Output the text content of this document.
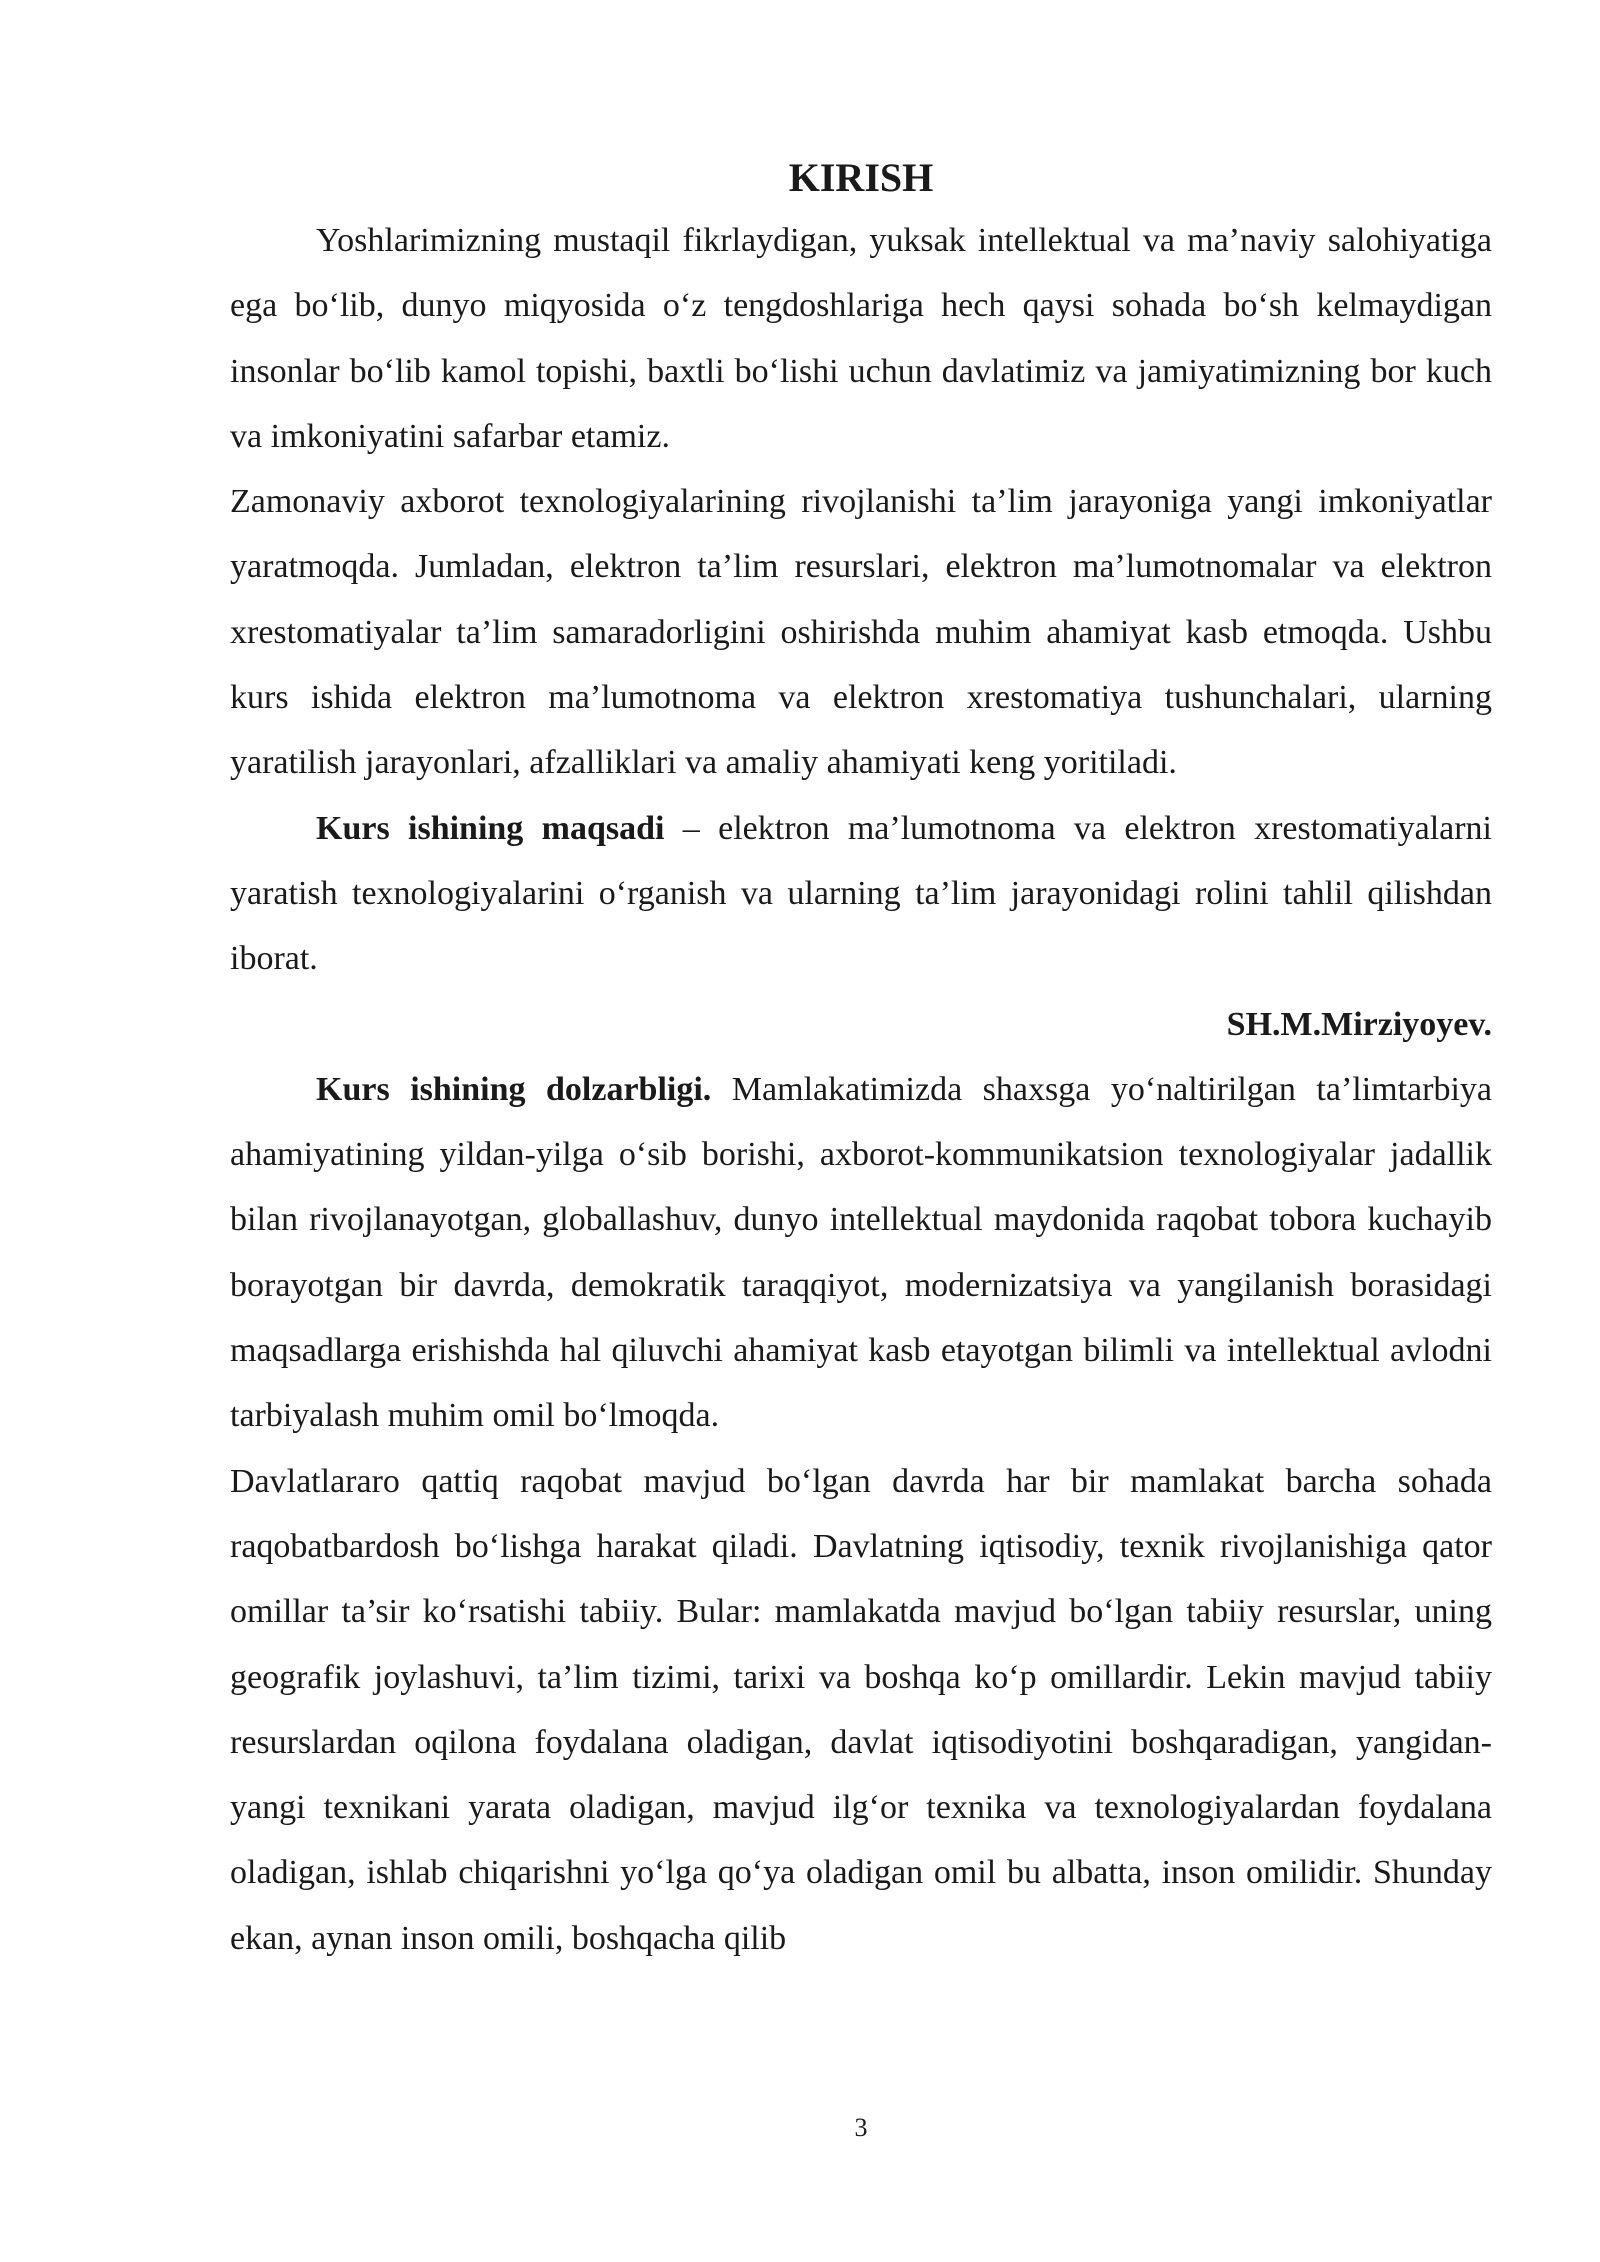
KIRISH

Yoshlarimizning mustaqil fikrlaydigan, yuksak intellektual va ma’naviy salohiyatiga ega bo‘lib, dunyo miqyosida o‘z tengdoshlariga hech qaysi sohada bo‘sh kelmaydigan insonlar bo‘lib kamol topishi, baxtli bo‘lishi uchun davlatimiz va jamiyatimizning bor kuch va imkoniyatini safarbar etamiz.

Zamonaviy axborot texnologiyalarining rivojlanishi ta’lim jarayoniga yangi imkoniyatlar yaratmoqda. Jumladan, elektron ta’lim resurslari, elektron ma’lumotnomalar va elektron xrestomatiyalar ta’lim samaradorligini oshirishda muhim ahamiyat kasb etmoqda. Ushbu kurs ishida elektron ma’lumotnoma va elektron xrestomatiya tushunchalari, ularning yaratilish jarayonlari, afzalliklari va amaliy ahamiyati keng yoritiladi.

Kurs ishining maqsadi – elektron ma’lumotnoma va elektron xrestomatiyalarni yaratish texnologiyalarini o‘rganish va ularning ta’lim jarayonidagi rolini tahlil qilishdan iborat.

SH.M.Mirziyoyev.

Kurs ishining dolzarbligi. Mamlakatimizda shaxsga yo‘naltirilgan ta’limtarbiya ahamiyatining yildan-yilga o‘sib borishi, axborot-kommunikatsion texnologiyalar jadallik bilan rivojlanayotgan, globallashuv, dunyo intellektual maydonida raqobat tobora kuchayib borayotgan bir davrda, demokratik taraqqiyot, modernizatsiya va yangilanish borasidagi maqsadlarga erishishda hal qiluvchi ahamiyat kasb etayotgan bilimli va intellektual avlodni tarbiyalash muhim omil bo‘lmoqda.

Davlatlararo qattiq raqobat mavjud bo‘lgan davrda har bir mamlakat barcha sohada raqobatbardosh bo‘lishga harakat qiladi. Davlatning iqtisodiy, texnik rivojlanishiga qator omillar ta’sir ko‘rsatishi tabiiy. Bular: mamlakatda mavjud bo‘lgan tabiiy resurslar, uning geografik joylashuvi, ta’lim tizimi, tarixi va boshqa ko‘p omillardir. Lekin mavjud tabiiy resurslardan oqilona foydalana oladigan, davlat iqtisodiyotini boshqaradigan, yangidan-yangi texnikani yarata oladigan, mavjud ilg‘or texnika va texnologiyalardan foydalana oladigan, ishlab chiqarishni yo‘lga qo‘ya oladigan omil bu albatta, inson omilidir. Shunday ekan, aynan inson omili, boshqacha qilib

3
